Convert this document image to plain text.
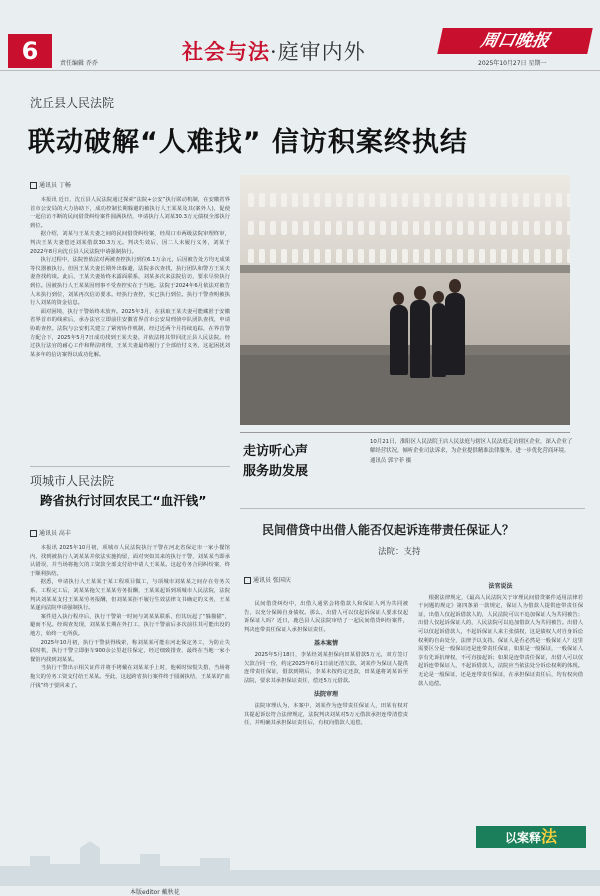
6	责任编辑 乔乔	社会与法·庭审内外	周口晚报
2025年10月27日 星期一
沈丘县人民法院
联动破解“人难找” 信访积案终执结
通讯员 丁畅

本报讯 近日，沈丘县人民法院通过探索“法院+公安”执行联动机制，在安徽省界首市公安局的大力协助下，成功控制长期躲避的被执行人王某某及其(案外人)，促使一起信访不断的民间借贷纠纷案件圆满执结，申请执行人刘某30.3万元债权全部执行到位。

据介绍，刘某与王某夫妻之间的民间借贷纠纷案，经周口市两级法院审理终审，判决王某夫妻偿还刘某借款30.3万元。判决生效后，因二人未履行义务，刘某于2022年8月向沈丘县人民法院申请强制执行。

执行过程中，法院曾依法对两被查控执行到位6.1万余元，后因被告处方均无成果等仪器被执行。但因王某夫妻长期外出躲避，法院多次查找，执行团队和警方王某夫妻查找约谈。此后，王某夫妻始终未露面联系，刘某多次来法院信访，要求尽快执行到位。因被执行人王某某因刑事不受查控实在于当地。法院于2024年6月依法对被告人未执行到位，刘某再次信访要求。经执行查控，实已执行到位。执行干警查明被执行人刘某的资金信息。

面对困境，执行干警始终未放弃。2025年3月，在获取王某夫妻可能藏匿于安徽省界首市的线索后，承办法官立即前往安徽省界首市公安局刑侦中队团队查找，申请协助查控。法院与公安机关建立了紧密协作机制，经过近两个月持续追踪，在界首警方配合下，2025年5月7日成功找到王某夫妻。并依法将其带回沈丘县人民法院。经过执行法官的耐心工作和释法明理，王某夫妻最终履行了全部给付义务，这起困扰刘某多年的信访案得以成功化解。

走访听心声
服务助发展
10月21日，淮阳区人民法院王店人民法庭与辖区人民法庭走访辖区企业，深入企业了解经营状况，倾听企业司法诉求，为企业提供精准法律服务，进一步优化营商环境。 通讯员 郭宇菲 摄
项城市人民法院
跨省执行讨回农民工“血汗钱”
通讯员 高丰

本报讯 2025年10月初，项城市人民法院执行干警在河北省保定市一家小餐馆内，找到被执行人刘某某并依法实施拘留，面对突如其来的执行干警，刘某某当即承认错误，并当场将拖欠的工资款全部支付给申请人王某某。这起劳务合同纠纷案，终于顺利执结。

据悉，申请执行人王某某于某工程项目做工，与项城市刘某某之间存在劳务关系，工程完工后，刘某某拖欠王某某劳务报酬，王某某起诉到项城市人民法院，法院判决刘某某支付王某某劳务报酬，但刘某某拒不履行生效法律文书确定的义务，王某某遂向法院申请强制执行。

案件进入执行程序后，执行干警第一时间与刘某某联系，但其玩起了“躲猫猫”，避而不见。经调查发现，刘某某长期在外打工，执行干警前后多次前往其可能出没的地方，始终一无所获。

2025年10月初，执行干警获得线索，称刘某某可能在河北保定务工，为防止失联时机，执行干警立即驱车900余公里赶往保定，经过细致排查，最终在当地一家小餐馆内找到刘某某。

当执行干警出示相关证件并将手铐戴在刘某某手上时，他顿时惊慌失措，当场将拖欠的劳务工资支付给王某某。至此，这起跨省执行案件终于圆满执结，王某某的“血汗钱”终于要回来了。

民间借贷中出借人能否仅起诉连带责任保证人？
法院：支持
通讯员 张国庆

民间借贷纠纷中，出借人通常会将借款人和保证人列为共同被告，以充分保障自身债权。那么，出借人可以仅起诉保证人要求仅起诉保证人吗？近日，鹿邑县人民法院审结了一起民间借贷纠纷案件，判决连带责任保证人承担保证责任。

基本案情

2025年5月18日，李某经刘某担保向田某借款5万元，双方签订欠款合同一份，约定2025年6月1日前还清欠款。刘某作为保证人提供连带责任保证，借款到期后，李某未按约定还款，田某遂将刘某诉至法院，要求其承担保证责任，偿还5万元借款。

法院审理

法院审理认为，本案中，刘某作为连带责任保证人，田某有权对其提起诉讼符合法律规定，法院判决刘某对5万元借款承担连带清偿责任，并明确其承担保证责任后，有权向借款人追偿。

法官说法

根据法律规定，《最高人民法院关于审理民间借贷案件适用法律若干问题的规定》第四条第一款规定，保证人为借款人提供连带责任保证，出借人仅起诉借款人的，人民法院可以不追加保证人为共同被告；出借人仅起诉保证人的，人民法院可以追加借款人为共同被告。出借人可以仅起诉借款人，不起诉保证人来主张债权，这是债权人对自身诉讼权利的自由处分，法律予以支持。保证人是否必然是一般保证人？这里需要区分是一般保证还是连带责任保证，如果是一般保证，一般保证人享有先诉抗辩权，不可直接起诉；如果是连带责任保证，出借人可以仅起诉连带保证人，不起诉借款人，法院应当依法处分诉讼权利的体现。无论是一般保证，还是连带责任保证，在承担保证责任后，均有权向借款人追偿。

以案释法
本版editor 戴秋花
